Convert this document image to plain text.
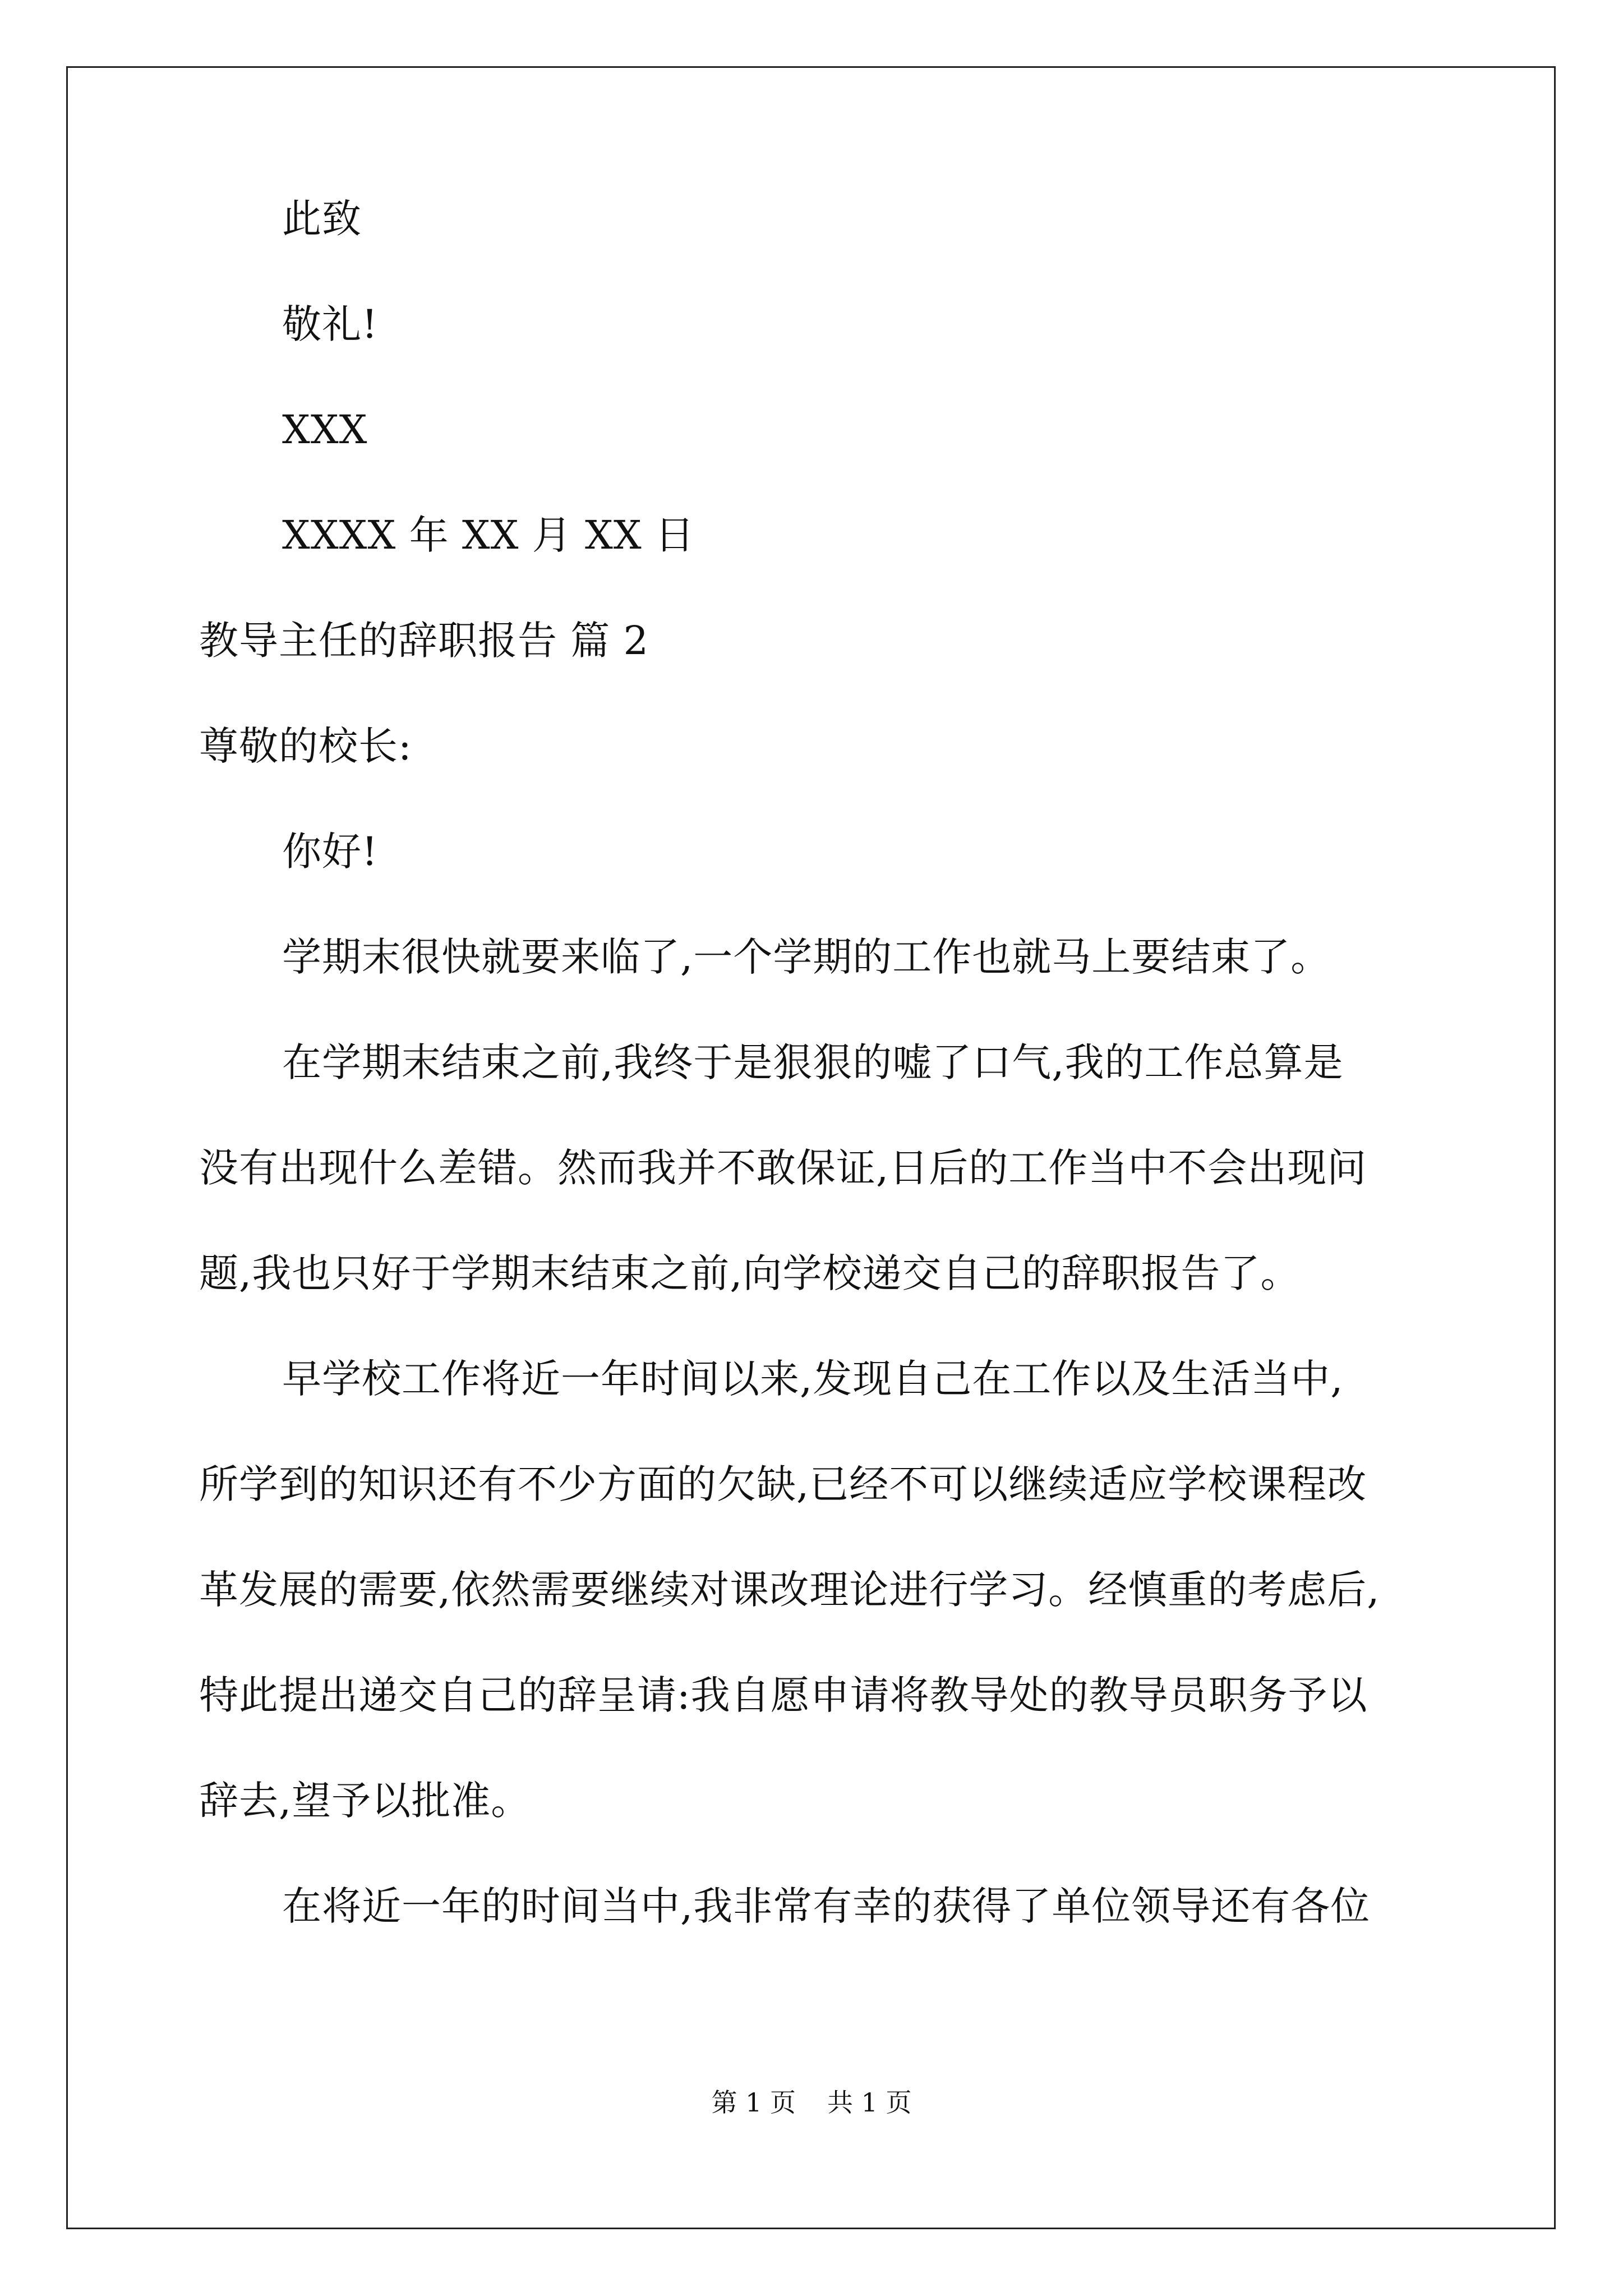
此致
敬礼!
XXX
XXXX 年 XX 月 XX 日
教导主任的辞职报告 篇 2
尊敬的校长:
你好!
学期末很快就要来临了,一个学期的工作也就马上要结束了。
在学期末结束之前,我终于是狠狠的嘘了口气,我的工作总算是
没有出现什么差错。然而我并不敢保证,日后的工作当中不会出现问
题,我也只好于学期末结束之前,向学校递交自己的辞职报告了。
早学校工作将近一年时间以来,发现自己在工作以及生活当中,
所学到的知识还有不少方面的欠缺,已经不可以继续适应学校课程改
革发展的需要,依然需要继续对课改理论进行学习。经慎重的考虑后,
特此提出递交自己的辞呈请:我自愿申请将教导处的教导员职务予以
辞去,望予以批准。
在将近一年的时间当中,我非常有幸的获得了单位领导还有各位
第 1 页 共 1 页
